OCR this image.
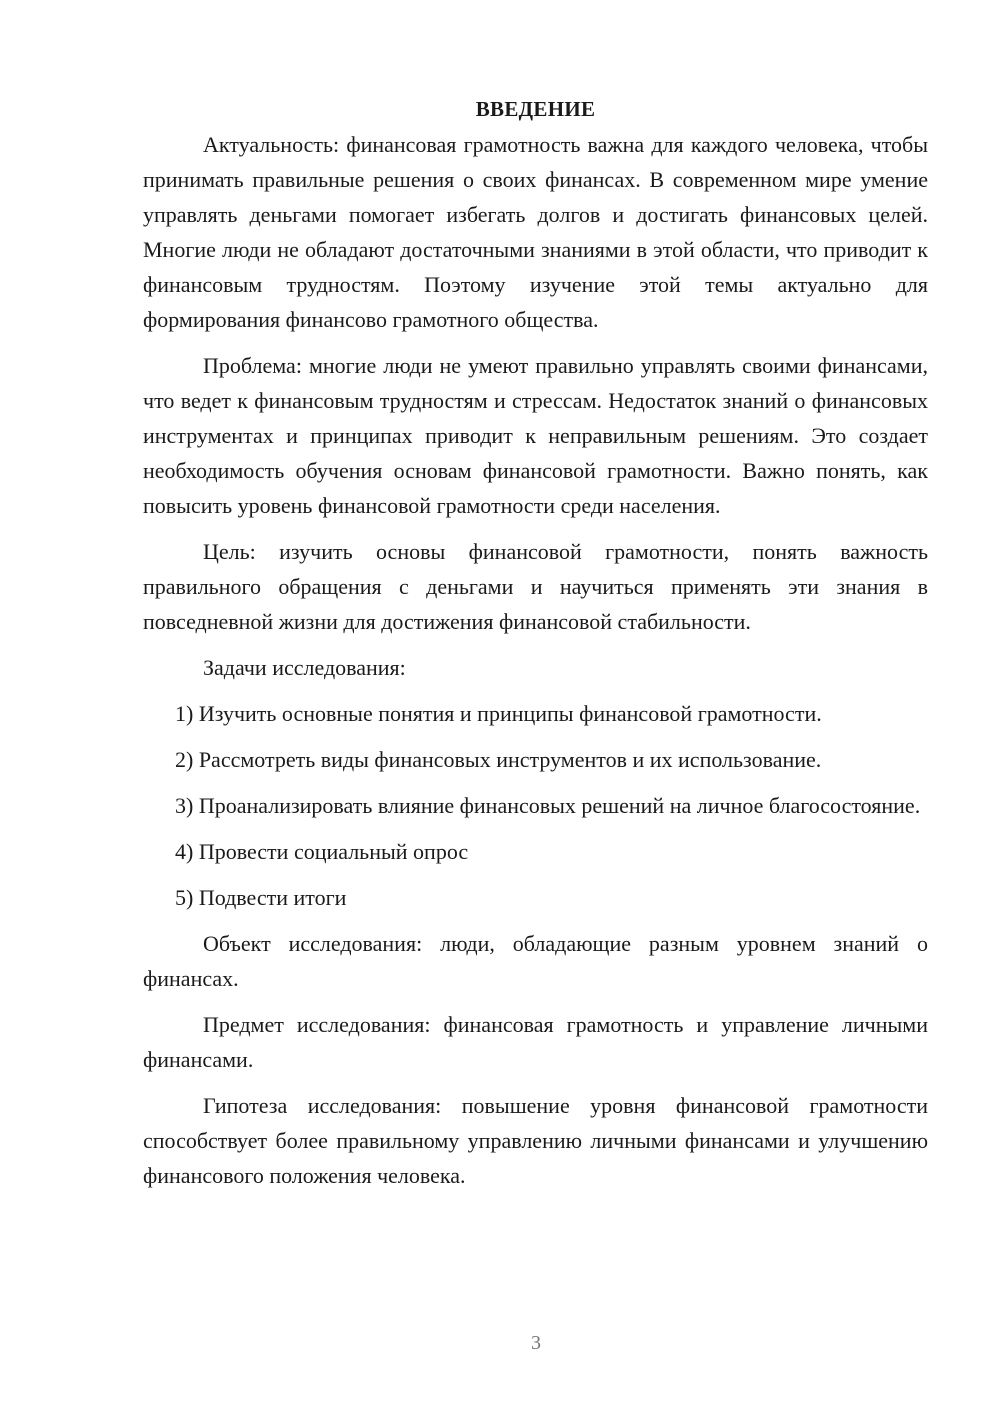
ВВЕДЕНИЕ

Актуальность: финансовая грамотность важна для каждого человека, чтобы принимать правильные решения о своих финансах. В современном мире умение управлять деньгами помогает избегать долгов и достигать финансовых целей. Многие люди не обладают достаточными знаниями в этой области, что приводит к финансовым трудностям. Поэтому изучение этой темы актуально для формирования финансово грамотного общества.

Проблема: многие люди не умеют правильно управлять своими финансами, что ведет к финансовым трудностям и стрессам. Недостаток знаний о финансовых инструментах и принципах приводит к неправильным решениям. Это создает необходимость обучения основам финансовой грамотности. Важно понять, как повысить уровень финансовой грамотности среди населения.

Цель: изучить основы финансовой грамотности, понять важность правильного обращения с деньгами и научиться применять эти знания в повседневной жизни для достижения финансовой стабильности.

Задачи исследования:

1) Изучить основные понятия и принципы финансовой грамотности.

2) Рассмотреть виды финансовых инструментов и их использование.

3) Проанализировать влияние финансовых решений на личное благосостояние.

4) Провести социальный опрос

5) Подвести итоги

Объект исследования: люди, обладающие разным уровнем знаний о финансах.

Предмет исследования: финансовая грамотность и управление личными финансами.

Гипотеза исследования: повышение уровня финансовой грамотности способствует более правильному управлению личными финансами и улучшению финансового положения человека.

3
